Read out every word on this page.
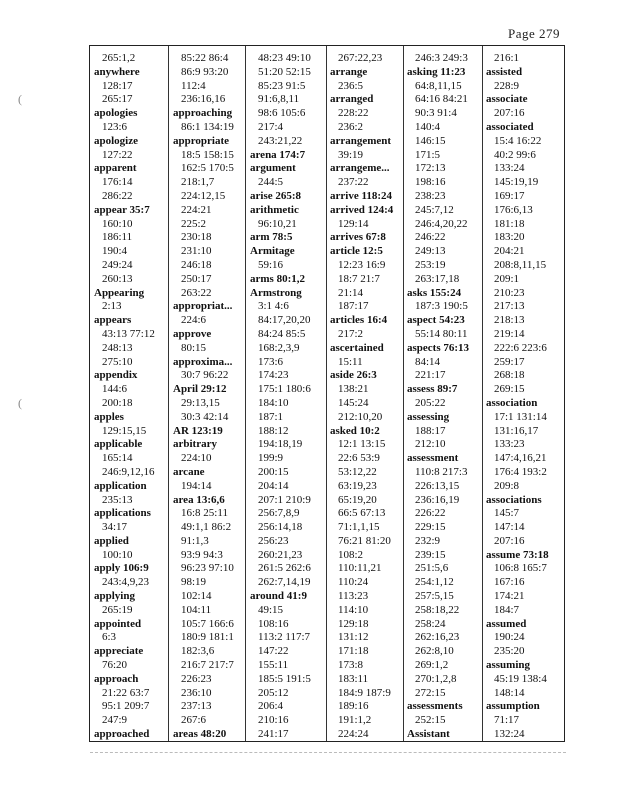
Page 279
(
(
265:1,2
anywhere
128:17
265:17
apologies
123:6
apologize
127:22
apparent
176:14
286:22
appear 35:7
160:10
186:11
190:4
249:24
260:13
Appearing
2:13
appears
43:13 77:12
248:13
275:10
appendix
144:6
200:18
apples
129:15,15
applicable
165:14
246:9,12,16
application
235:13
applications
34:17
applied
100:10
apply 106:9
243:4,9,23
applying
265:19
appointed
6:3
appreciate
76:20
approach
21:22 63:7
95:1 209:7
247:9
approached
85:22 86:4
86:9 93:20
112:4
236:16,16
approaching
86:1 134:19
appropriate
18:5 158:15
162:5 170:5
218:1,7
224:12,15
224:21
225:2
230:18
231:10
246:18
250:17
263:22
appropriat...
224:6
approve
80:15
approxima...
30:7 96:22
April 29:12
29:13,15
30:3 42:14
AR 123:19
arbitrary
224:10
arcane
194:14
area 13:6,6
16:8 25:11
49:1,1 86:2
91:1,3
93:9 94:3
96:23 97:10
98:19
102:14
104:11
105:7 166:6
180:9 181:1
182:3,6
216:7 217:7
226:23
236:10
237:13
267:6
areas 48:20
48:23 49:10
51:20 52:15
85:23 91:5
91:6,8,11
98:6 105:6
217:4
243:21,22
arena 174:7
argument
244:5
arise 265:8
arithmetic
96:10,21
arm 78:5
Armitage
59:16
arms 80:1,2
Armstrong
3:1 4:6
84:17,20,20
84:24 85:5
168:2,3,9
173:6
174:23
175:1 180:6
184:10
187:1
188:12
194:18,19
199:9
200:15
204:14
207:1 210:9
256:7,8,9
256:14,18
256:23
260:21,23
261:5 262:6
262:7,14,19
around 41:9
49:15
108:16
113:2 117:7
147:22
155:11
185:5 191:5
205:12
206:4
210:16
241:17
267:22,23
arrange
236:5
arranged
228:22
236:2
arrangement
39:19
arrangeme...
237:22
arrive 118:24
arrived 124:4
129:14
arrives 67:8
article 12:5
12:23 16:9
18:7 21:7
21:14
187:17
articles 16:4
217:2
ascertained
15:11
aside 26:3
138:21
145:24
212:10,20
asked 10:2
12:1 13:15
22:6 53:9
53:12,22
63:19,23
65:19,20
66:5 67:13
71:1,1,15
76:21 81:20
108:2
110:11,21
110:24
113:23
114:10
129:18
131:12
171:18
173:8
183:11
184:9 187:9
189:16
191:1,2
224:24
246:3 249:3
asking 11:23
64:8,11,15
64:16 84:21
90:3 91:4
140:4
146:15
171:5
172:13
198:16
238:23
245:7,12
246:4,20,22
246:22
249:13
253:19
263:17,18
asks 155:24
187:3 190:5
aspect 54:23
55:14 80:11
aspects 76:13
84:14
221:17
assess 89:7
205:22
assessing
188:17
212:10
assessment
110:8 217:3
226:13,15
236:16,19
226:22
229:15
232:9
239:15
251:5,6
254:1,12
257:5,15
258:18,22
258:24
262:16,23
262:8,10
269:1,2
270:1,2,8
272:15
assessments
252:15
Assistant
216:1
assisted
228:9
associate
207:16
associated
15:4 16:22
40:2 99:6
133:24
145:19,19
169:17
176:6,13
181:18
183:20
204:21
208:8,11,15
209:1
210:23
217:13
218:13
219:14
222:6 223:6
259:17
268:18
269:15
association
17:1 131:14
131:16,17
133:23
147:4,16,21
176:4 193:2
209:8
associations
145:7
147:14
207:16
assume 73:18
106:8 165:7
167:16
174:21
184:7
assumed
190:24
235:20
assuming
45:19 138:4
148:14
assumption
71:17
132:24
